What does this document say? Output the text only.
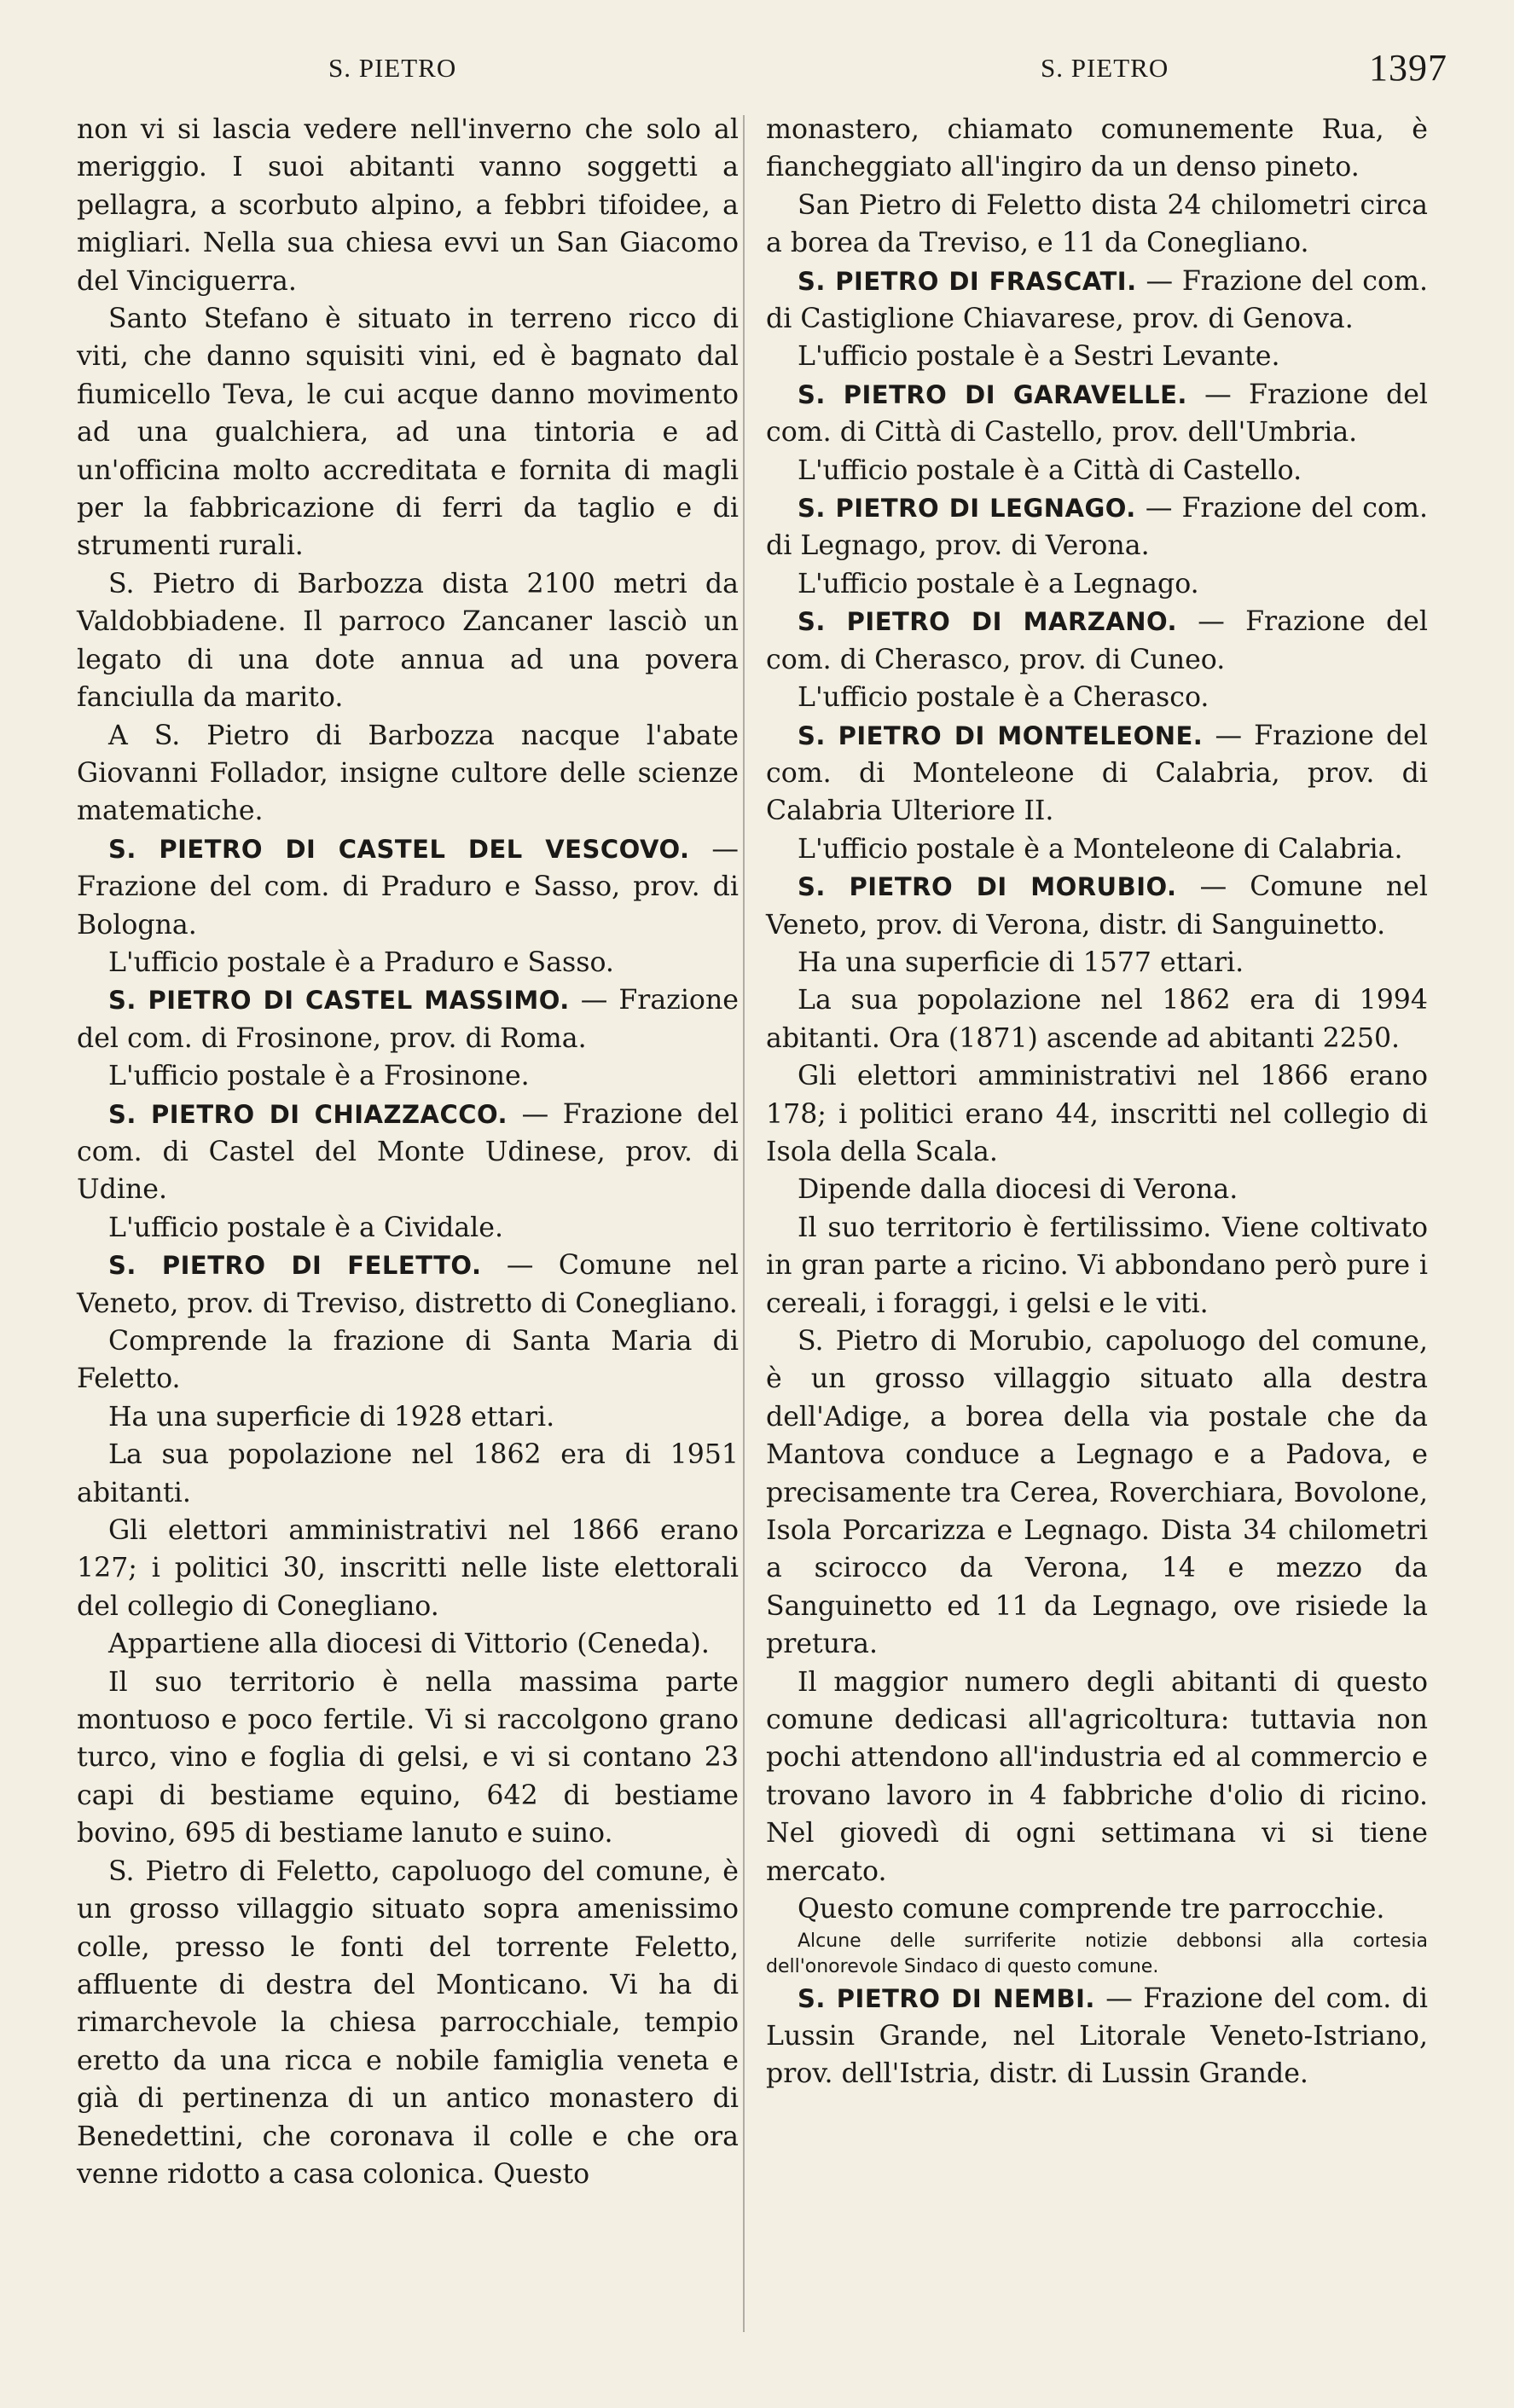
S. PIETRO	S. PIETRO	1397

non vi si lascia vedere nell'inverno che solo al meriggio. I suoi abitanti vanno soggetti a pellagra, a scorbuto alpino, a febbri tifoidee, a migliari. Nella sua chiesa evvi un San Giacomo del Vinciguerra.

Santo Stefano è situato in terreno ricco di viti, che danno squisiti vini, ed è bagnato dal fiumicello Teva, le cui acque danno movimento ad una gualchiera, ad una tintoria e ad un'officina molto accreditata e fornita di magli per la fabbricazione di ferri da taglio e di strumenti rurali.

S. Pietro di Barbozza dista 2100 metri da Valdobbiadene. Il parroco Zancaner lasciò un legato di una dote annua ad una povera fanciulla da marito.

A S. Pietro di Barbozza nacque l'abate Giovanni Follador, insigne cultore delle scienze matematiche.

S. PIETRO DI CASTEL DEL VESCOVO. — Frazione del com. di Praduro e Sasso, prov. di Bologna.

L'ufficio postale è a Praduro e Sasso.

S. PIETRO DI CASTEL MASSIMO. — Frazione del com. di Frosinone, prov. di Roma.

L'ufficio postale è a Frosinone.

S. PIETRO DI CHIAZZACCO. — Frazione del com. di Castel del Monte Udinese, prov. di Udine.

L'ufficio postale è a Cividale.

S. PIETRO DI FELETTO. — Comune nel Veneto, prov. di Treviso, distretto di Conegliano.

Comprende la frazione di Santa Maria di Feletto.

Ha una superficie di 1928 ettari.

La sua popolazione nel 1862 era di 1951 abitanti.

Gli elettori amministrativi nel 1866 erano 127; i politici 30, inscritti nelle liste elettorali del collegio di Conegliano.

Appartiene alla diocesi di Vittorio (Ceneda).

Il suo territorio è nella massima parte montuoso e poco fertile. Vi si raccolgono grano turco, vino e foglia di gelsi, e vi si contano 23 capi di bestiame equino, 642 di bestiame bovino, 695 di bestiame lanuto e suino.

S. Pietro di Feletto, capoluogo del comune, è un grosso villaggio situato sopra amenissimo colle, presso le fonti del torrente Feletto, affluente di destra del Monticano. Vi ha di rimarchevole la chiesa parrocchiale, tempio eretto da una ricca e nobile famiglia veneta e già di pertinenza di un antico monastero di Benedettini, che coronava il colle e che ora venne ridotto a casa colonica. Questo

monastero, chiamato comunemente Rua, è fiancheggiato all'ingiro da un denso pineto.

San Pietro di Feletto dista 24 chilometri circa a borea da Treviso, e 11 da Conegliano.

S. PIETRO DI FRASCATI. — Frazione del com. di Castiglione Chiavarese, prov. di Genova.

L'ufficio postale è a Sestri Levante.

S. PIETRO DI GARAVELLE. — Frazione del com. di Città di Castello, prov. dell'Umbria.

L'ufficio postale è a Città di Castello.

S. PIETRO DI LEGNAGO. — Frazione del com. di Legnago, prov. di Verona.

L'ufficio postale è a Legnago.

S. PIETRO DI MARZANO. — Frazione del com. di Cherasco, prov. di Cuneo.

L'ufficio postale è a Cherasco.

S. PIETRO DI MONTELEONE. — Frazione del com. di Monteleone di Calabria, prov. di Calabria Ulteriore II.

L'ufficio postale è a Monteleone di Calabria.

S. PIETRO DI MORUBIO. — Comune nel Veneto, prov. di Verona, distr. di Sanguinetto.

Ha una superficie di 1577 ettari.

La sua popolazione nel 1862 era di 1994 abitanti. Ora (1871) ascende ad abitanti 2250.

Gli elettori amministrativi nel 1866 erano 178; i politici erano 44, inscritti nel collegio di Isola della Scala.

Dipende dalla diocesi di Verona.

Il suo territorio è fertilissimo. Viene coltivato in gran parte a ricino. Vi abbondano però pure i cereali, i foraggi, i gelsi e le viti.

S. Pietro di Morubio, capoluogo del comune, è un grosso villaggio situato alla destra dell'Adige, a borea della via postale che da Mantova conduce a Legnago e a Padova, e precisamente tra Cerea, Roverchiara, Bovolone, Isola Porcarizza e Legnago. Dista 34 chilometri a scirocco da Verona, 14 e mezzo da Sanguinetto ed 11 da Legnago, ove risiede la pretura.

Il maggior numero degli abitanti di questo comune dedicasi all'agricoltura: tuttavia non pochi attendono all'industria ed al commercio e trovano lavoro in 4 fabbriche d'olio di ricino. Nel giovedì di ogni settimana vi si tiene mercato.

Questo comune comprende tre parrocchie.

Alcune delle surriferite notizie debbonsi alla cortesia dell'onorevole Sindaco di questo comune.

S. PIETRO DI NEMBI. — Frazione del com. di Lussin Grande, nel Litorale Veneto-Istriano, prov. dell'Istria, distr. di Lussin Grande.
